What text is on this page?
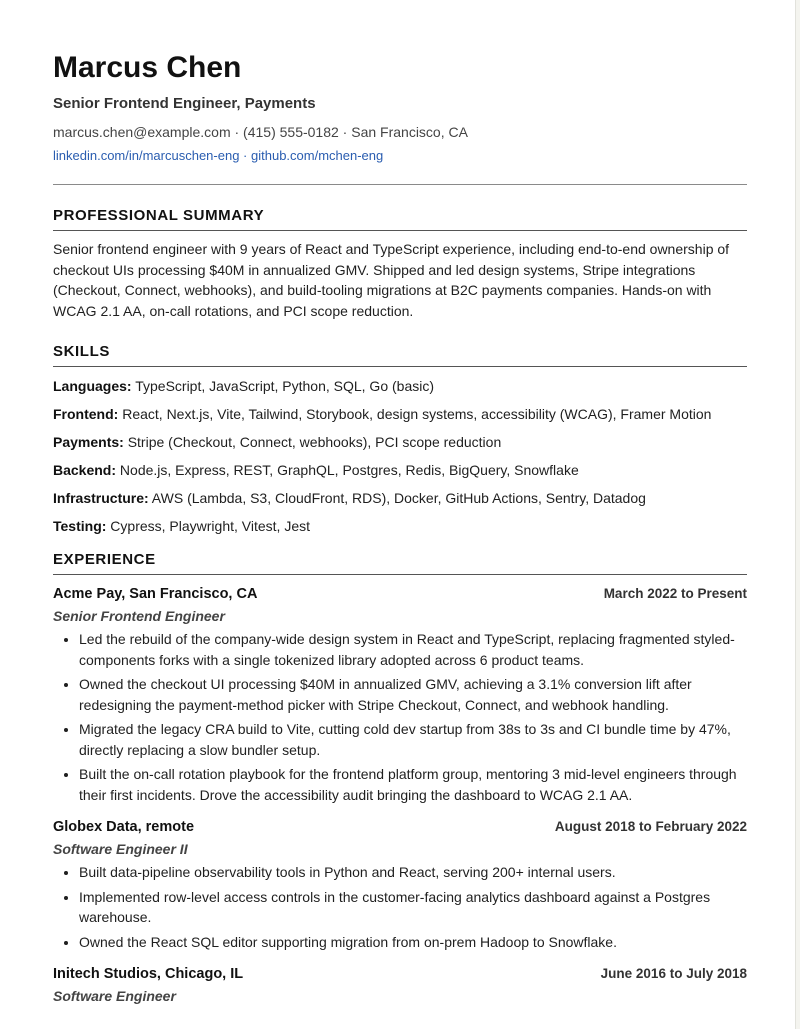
Marcus Chen
Senior Frontend Engineer, Payments
marcus.chen@example.com · (415) 555-0182 · San Francisco, CA
linkedin.com/in/marcuschen-eng · github.com/mchen-eng
PROFESSIONAL SUMMARY
Senior frontend engineer with 9 years of React and TypeScript experience, including end-to-end ownership of checkout UIs processing $40M in annualized GMV. Shipped and led design systems, Stripe integrations (Checkout, Connect, webhooks), and build-tooling migrations at B2C payments companies. Hands-on with WCAG 2.1 AA, on-call rotations, and PCI scope reduction.
SKILLS
Languages: TypeScript, JavaScript, Python, SQL, Go (basic)
Frontend: React, Next.js, Vite, Tailwind, Storybook, design systems, accessibility (WCAG), Framer Motion
Payments: Stripe (Checkout, Connect, webhooks), PCI scope reduction
Backend: Node.js, Express, REST, GraphQL, Postgres, Redis, BigQuery, Snowflake
Infrastructure: AWS (Lambda, S3, CloudFront, RDS), Docker, GitHub Actions, Sentry, Datadog
Testing: Cypress, Playwright, Vitest, Jest
EXPERIENCE
Acme Pay, San Francisco, CA	March 2022 to Present
Senior Frontend Engineer
• Led the rebuild of the company-wide design system in React and TypeScript, replacing fragmented styled-components forks with a single tokenized library adopted across 6 product teams.
• Owned the checkout UI processing $40M in annualized GMV, achieving a 3.1% conversion lift after redesigning the payment-method picker with Stripe Checkout, Connect, and webhook handling.
• Migrated the legacy CRA build to Vite, cutting cold dev startup from 38s to 3s and CI bundle time by 47%, directly replacing a slow bundler setup.
• Built the on-call rotation playbook for the frontend platform group, mentoring 3 mid-level engineers through their first incidents. Drove the accessibility audit bringing the dashboard to WCAG 2.1 AA.
Globex Data, remote	August 2018 to February 2022
Software Engineer II
• Built data-pipeline observability tools in Python and React, serving 200+ internal users.
• Implemented row-level access controls in the customer-facing analytics dashboard against a Postgres warehouse.
• Owned the React SQL editor supporting migration from on-prem Hadoop to Snowflake.
Initech Studios, Chicago, IL	June 2016 to July 2018
Software Engineer
